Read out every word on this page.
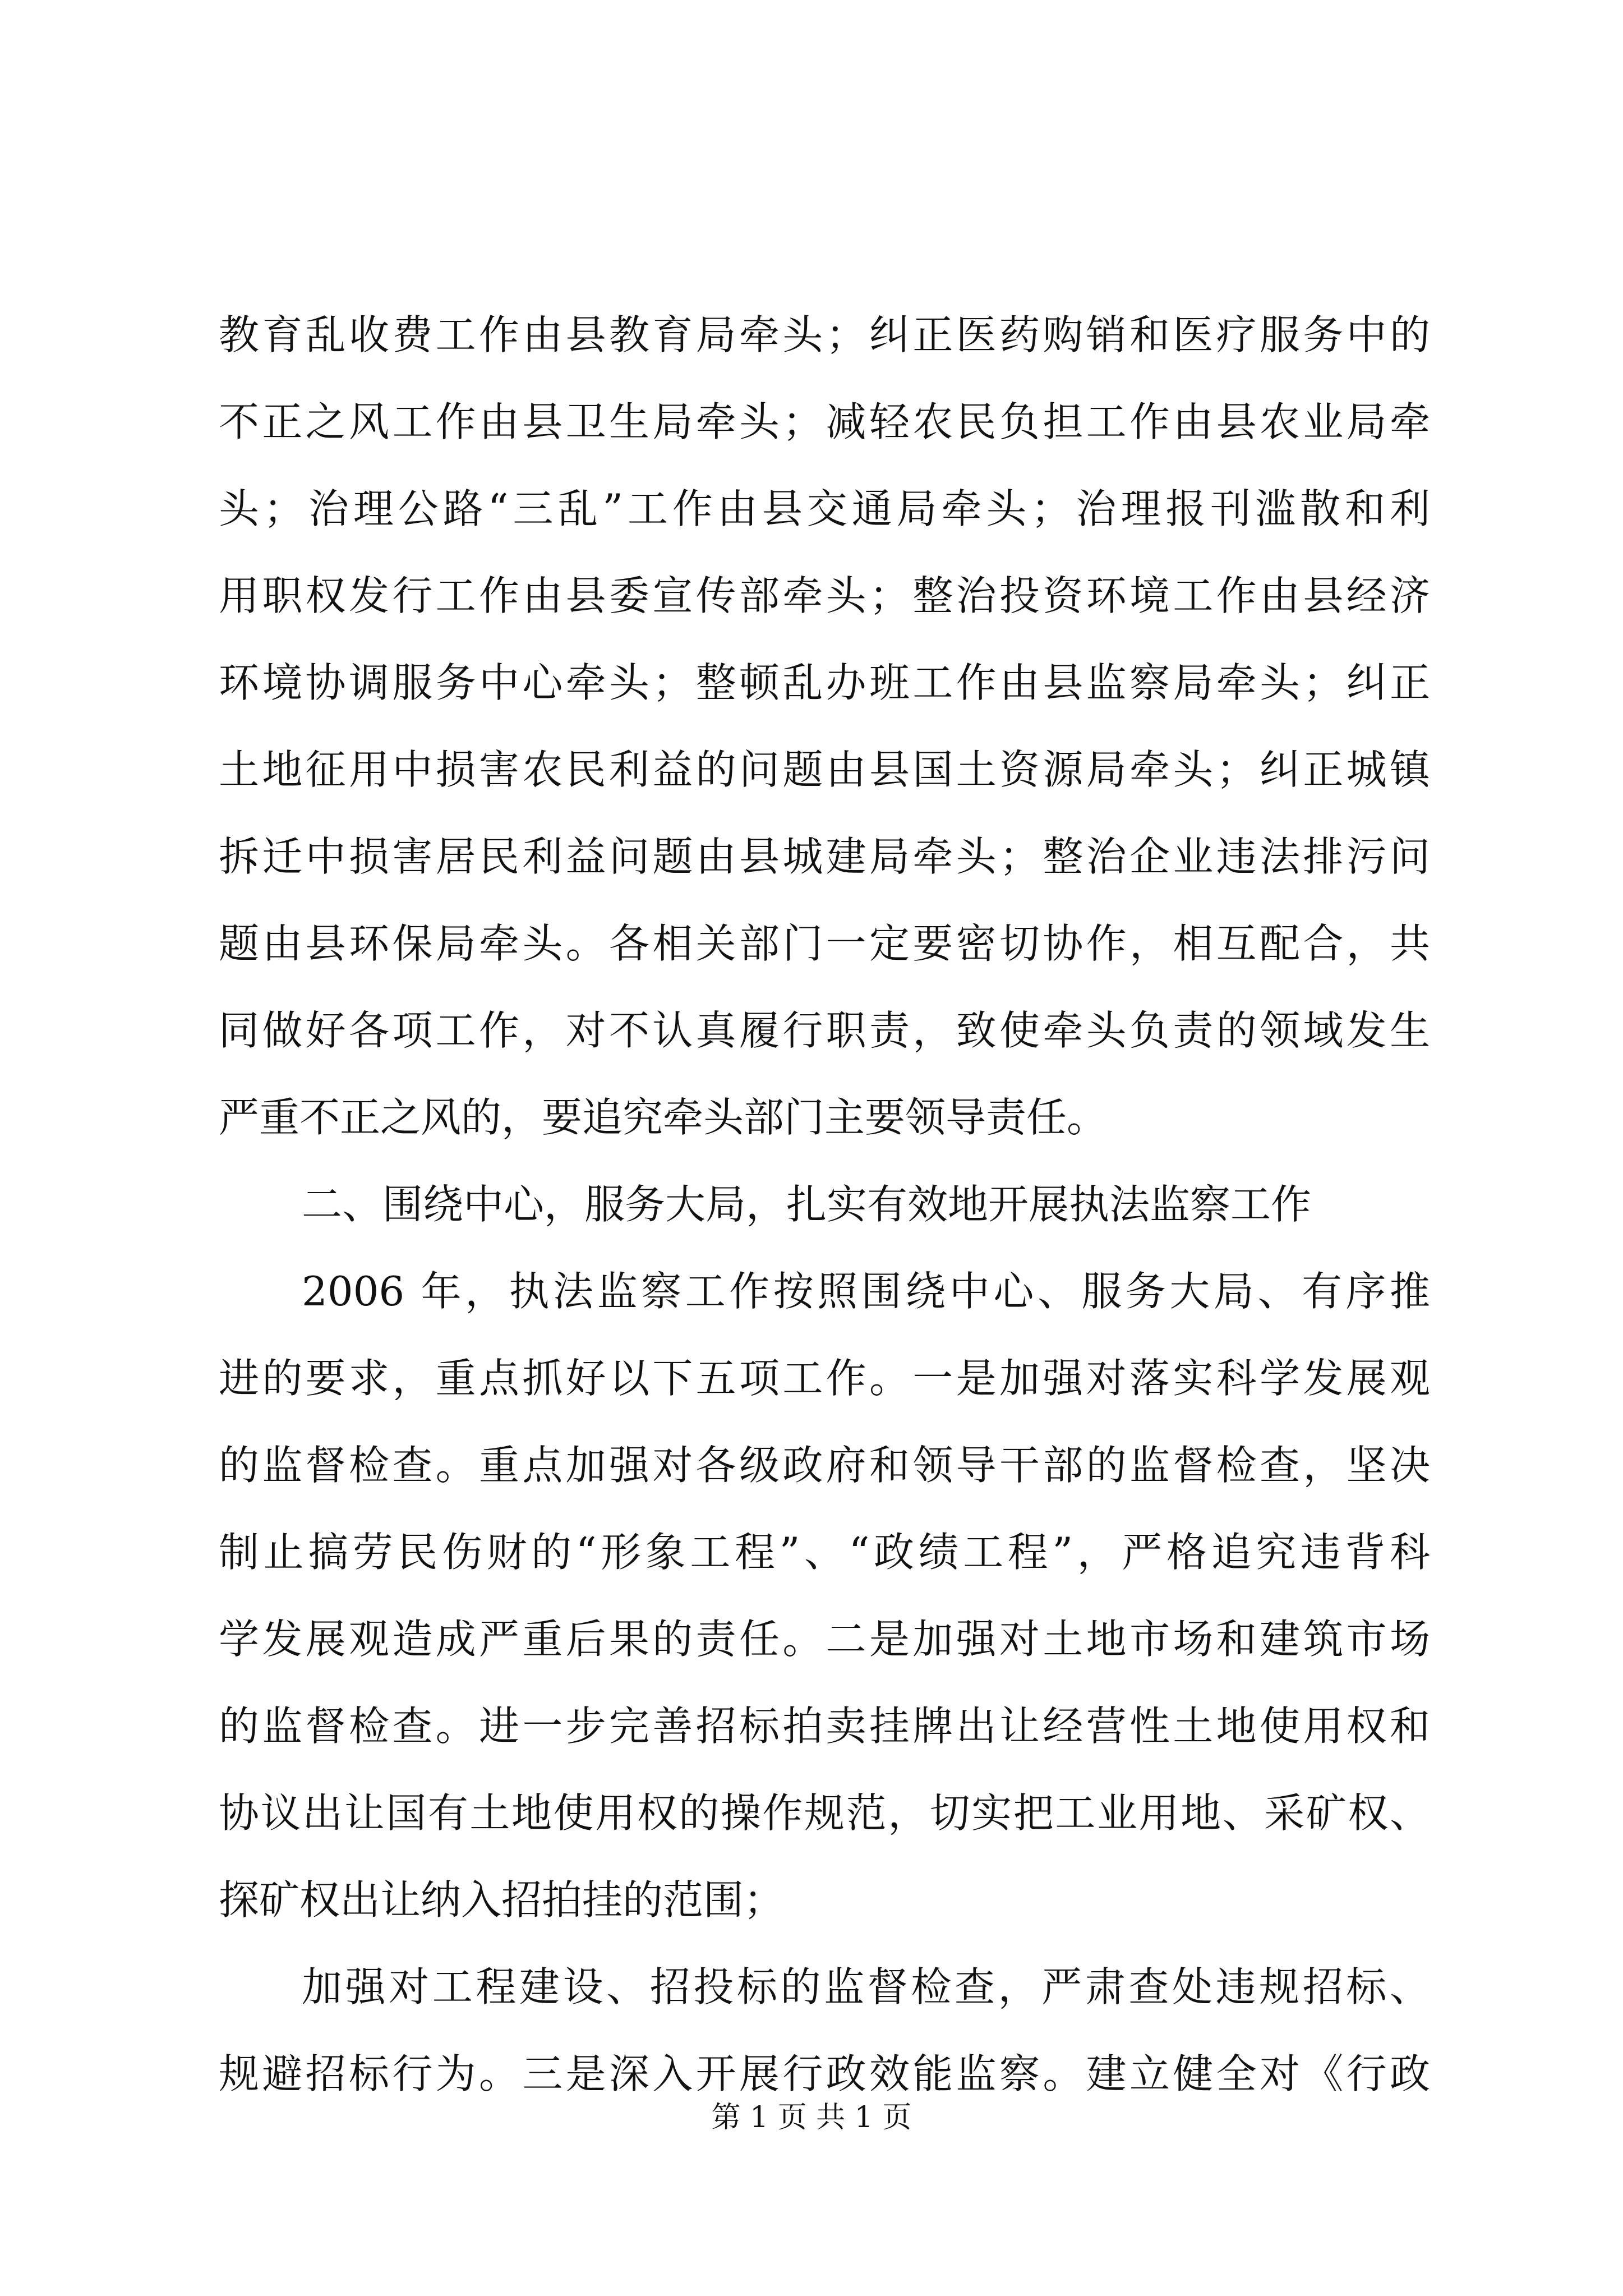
教育乱收费工作由县教育局牵头；纠正医药购销和医疗服务中的
不正之风工作由县卫生局牵头；减轻农民负担工作由县农业局牵
头；治理公路“三乱”工作由县交通局牵头；治理报刊滥散和利
用职权发行工作由县委宣传部牵头；整治投资环境工作由县经济
环境协调服务中心牵头；整顿乱办班工作由县监察局牵头；纠正
土地征用中损害农民利益的问题由县国土资源局牵头；纠正城镇
拆迁中损害居民利益问题由县城建局牵头；整治企业违法排污问
题由县环保局牵头。各相关部门一定要密切协作，相互配合，共
同做好各项工作，对不认真履行职责，致使牵头负责的领域发生
严重不正之风的，要追究牵头部门主要领导责任。
二、围绕中心，服务大局，扎实有效地开展执法监察工作
2006 年，执法监察工作按照围绕中心、服务大局、有序推
进的要求，重点抓好以下五项工作。一是加强对落实科学发展观
的监督检查。重点加强对各级政府和领导干部的监督检查，坚决
制止搞劳民伤财的“形象工程”、“政绩工程”，严格追究违背科
学发展观造成严重后果的责任。二是加强对土地市场和建筑市场
的监督检查。进一步完善招标拍卖挂牌出让经营性土地使用权和
协议出让国有土地使用权的操作规范，切实把工业用地、采矿权、
探矿权出让纳入招拍挂的范围；
加强对工程建设、招投标的监督检查，严肃查处违规招标、
规避招标行为。三是深入开展行政效能监察。建立健全对《行政
第 1 页 共 1 页
